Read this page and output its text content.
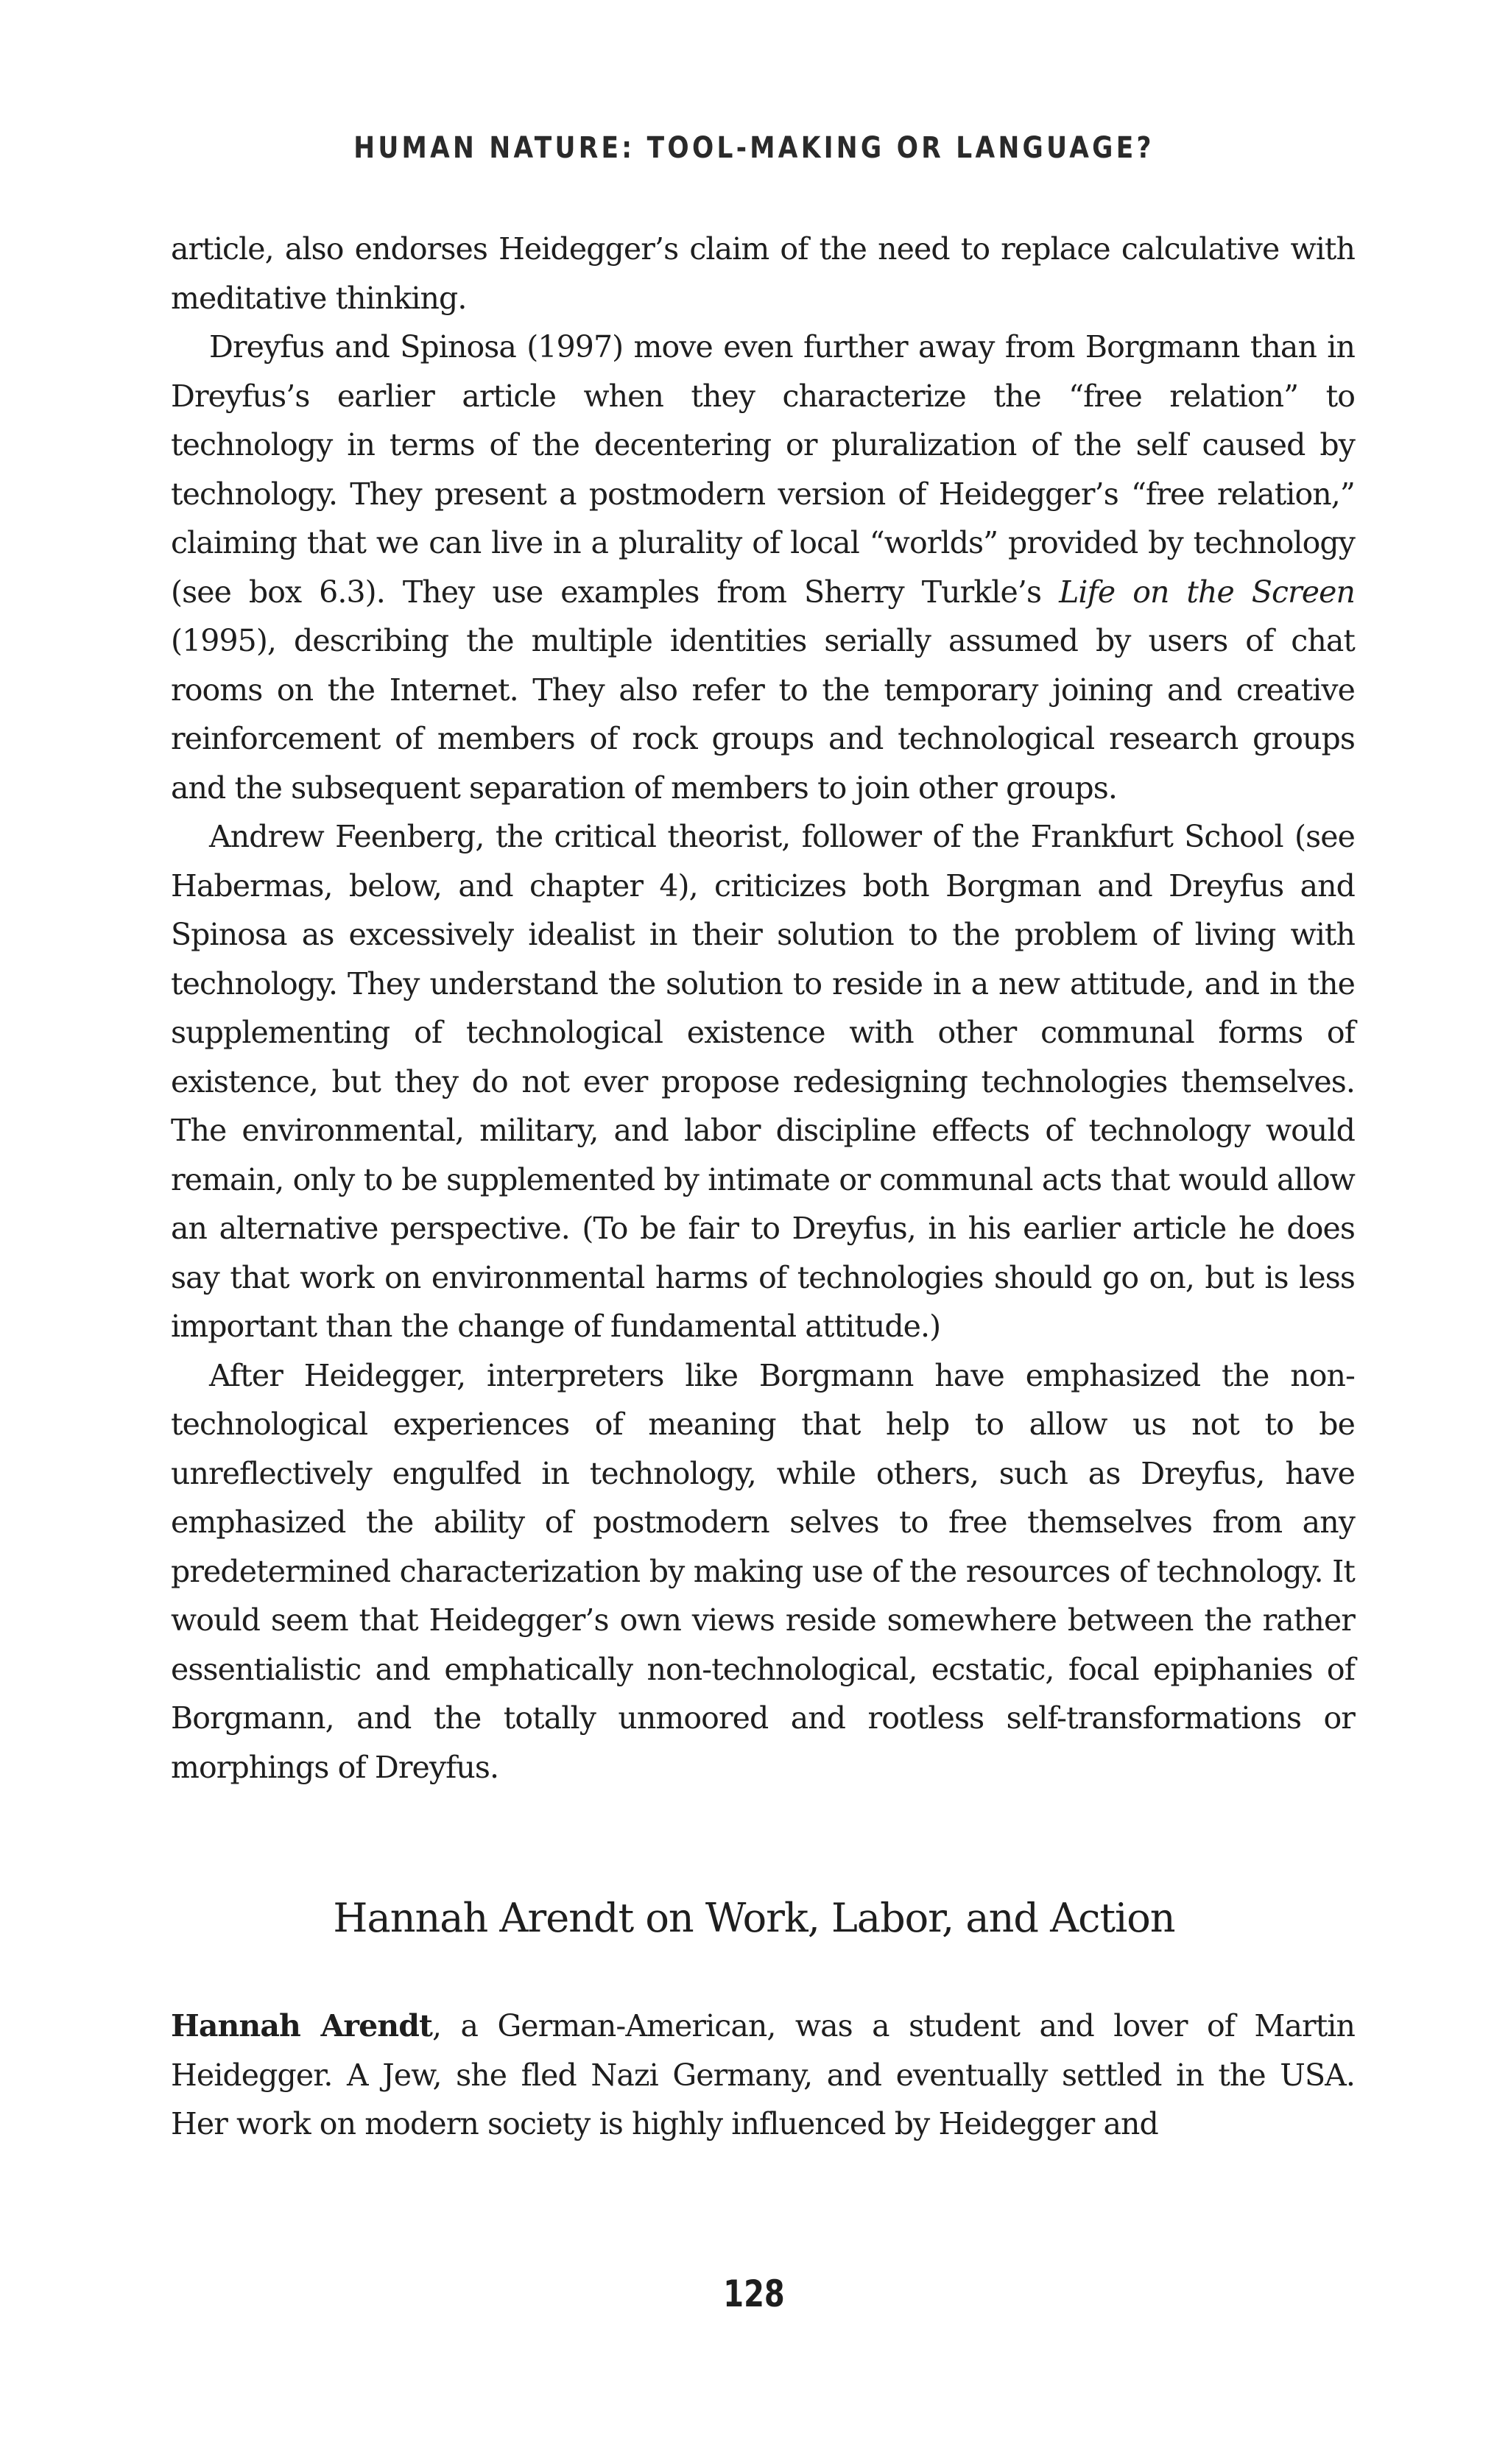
HUMAN NATURE: TOOL-MAKING OR LANGUAGE?

article, also endorses Heidegger’s claim of the need to replace calculative with meditative thinking.

Dreyfus and Spinosa (1997) move even further away from Borgmann than in Dreyfus’s earlier article when they characterize the “free relation” to technology in terms of the decentering or pluralization of the self caused by technology. They present a postmodern version of Heidegger’s “free relation,” claiming that we can live in a plurality of local “worlds” provided by technology (see box 6.3). They use examples from Sherry Turkle’s Life on the Screen (1995), describing the multiple identities serially assumed by users of chat rooms on the Internet. They also refer to the temporary joining and creative reinforcement of members of rock groups and technological research groups and the subsequent separation of members to join other groups.

Andrew Feenberg, the critical theorist, follower of the Frankfurt School (see Habermas, below, and chapter 4), criticizes both Borgman and Dreyfus and Spinosa as excessively idealist in their solution to the problem of living with technology. They understand the solution to reside in a new attitude, and in the supplementing of technological existence with other communal forms of existence, but they do not ever propose redesigning technologies themselves. The environmental, military, and labor discipline effects of technology would remain, only to be supplemented by intimate or communal acts that would allow an alternative perspective. (To be fair to Dreyfus, in his earlier article he does say that work on environmental harms of technologies should go on, but is less important than the change of fundamental attitude.)

After Heidegger, interpreters like Borgmann have emphasized the non-technological experiences of meaning that help to allow us not to be unreflectively engulfed in technology, while others, such as Dreyfus, have emphasized the ability of postmodern selves to free themselves from any predetermined characterization by making use of the resources of technology. It would seem that Heidegger’s own views reside somewhere between the rather essentialistic and emphatically non-technological, ecstatic, focal epiphanies of Borgmann, and the totally unmoored and rootless self-transformations or morphings of Dreyfus.

Hannah Arendt on Work, Labor, and Action

Hannah Arendt, a German-American, was a student and lover of Martin Heidegger. A Jew, she fled Nazi Germany, and eventually settled in the USA. Her work on modern society is highly influenced by Heidegger and

128
